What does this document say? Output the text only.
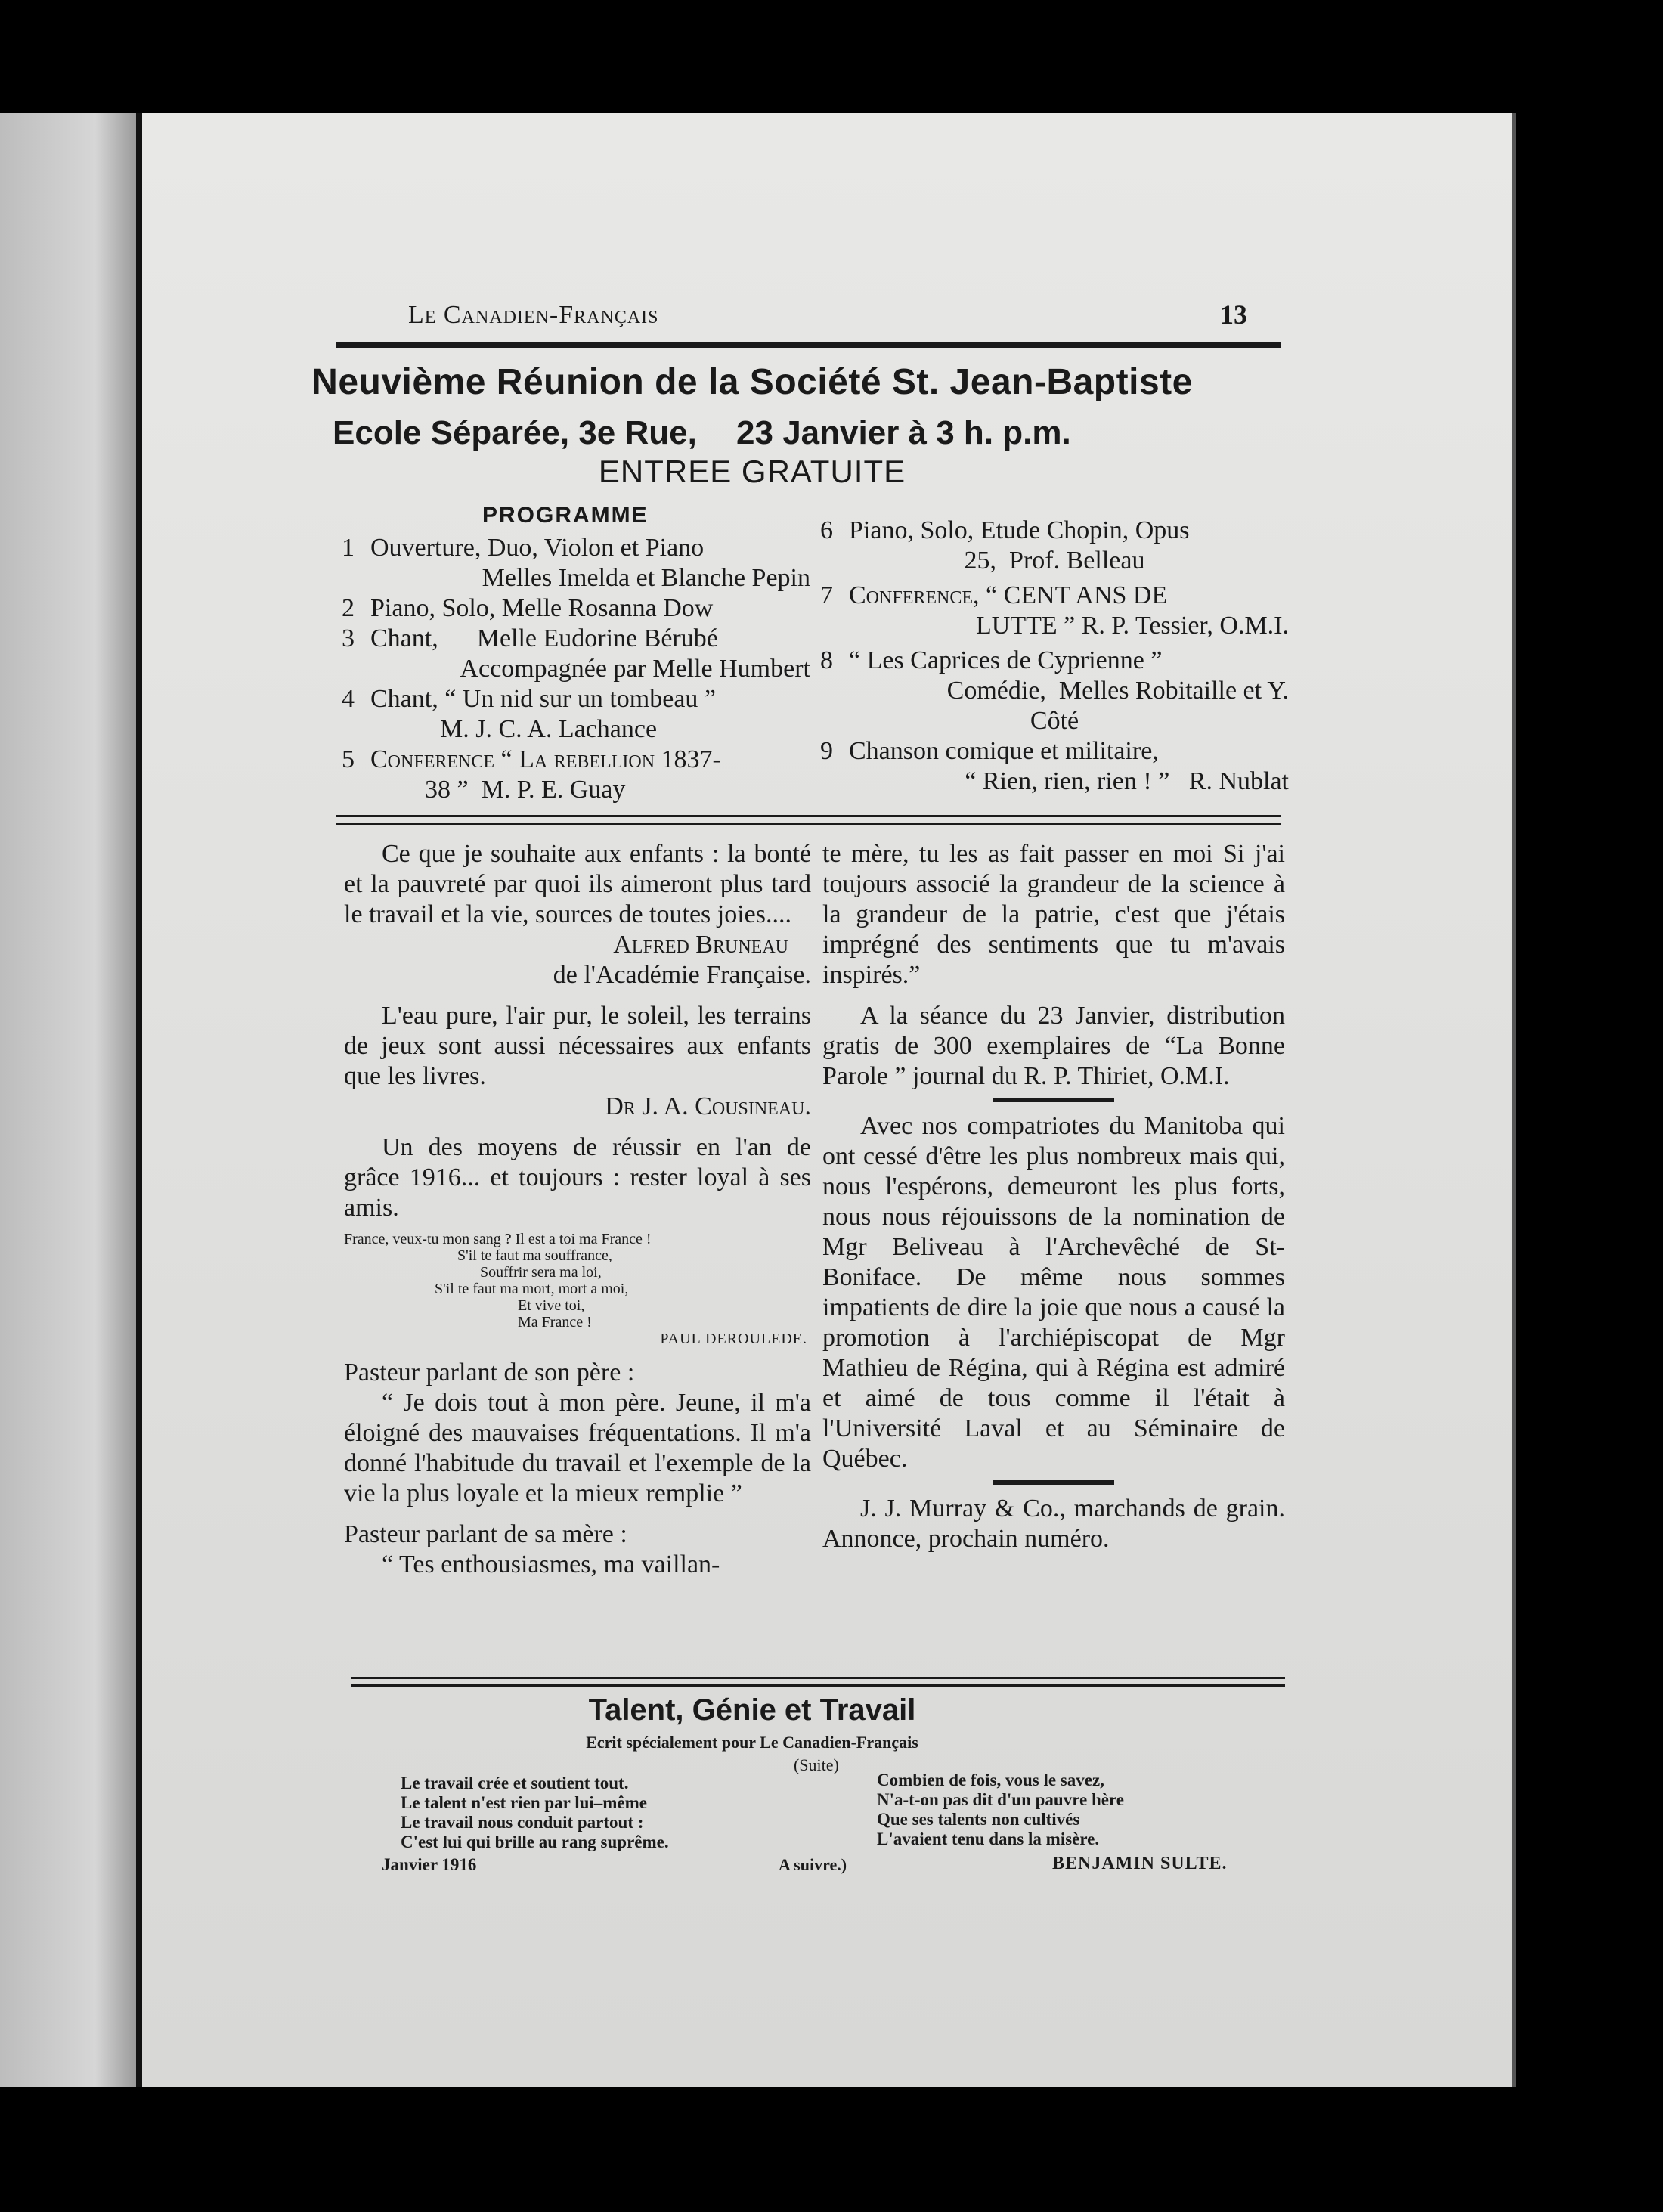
Le Canadien-Français	13
Neuvième Réunion de la Société St. Jean-Baptiste
Ecole Séparée, 3e Rue, 23 Janvier à 3 h. p.m.
ENTREE GRATUITE
PROGRAMME
1 Ouverture, Duo, Violon et Piano
Melles Imelda et Blanche Pepin
2 Piano, Solo, Melle Rosanna Dow
3 Chant,      Melle Eudorine Bérubé
Accompagnée par Melle Humbert
4 Chant, “ Un nid sur un tombeau ”
M. J. C. A. Lachance
5 Conference “ La rebellion 1837-
38 ”  M. P. E. Guay
6 Piano, Solo, Etude Chopin, Opus
25,  Prof. Belleau
7 Conference, “ CENT ANS DE
LUTTE ” R. P. Tessier, O.M.I.
8 “ Les Caprices de Cyprienne ”
Comédie,  Melles Robitaille et Y.
Côté
9 Chanson comique et militaire,
“ Rien, rien, rien ! ”   R. Nublat

Ce que je souhaite aux enfants : la bonté et la pauvreté par quoi ils aimeront plus tard le travail et la vie, sources de toutes joies....

Alfred Bruneau

de l'Académie Française.

L'eau pure, l'air pur, le soleil, les terrains de jeux sont aussi nécessaires aux enfants que les livres.

Dr J. A. Cousineau.

Un des moyens de réussir en l'an de grâce 1916... et toujours : rester loyal à ses amis.

France, veux-tu mon sang ? Il est a toi ma France !

S'il te faut ma souffrance,

Souffrir sera ma loi,

S'il te faut ma mort, mort a moi,

Et vive toi,

Ma France !

PAUL DEROULEDE.

Pasteur parlant de son père :

“ Je dois tout à mon père. Jeune, il m'a éloigné des mauvaises fréquentations. Il m'a donné l'habitude du travail et l'exemple de la vie la plus loyale et la mieux remplie ”

Pasteur parlant de sa mère :

“ Tes enthousiasmes, ma vaillan-

te mère, tu les as fait passer en moi Si j'ai toujours associé la grandeur de la science à la grandeur de la patrie, c'est que j'étais imprégné des sentiments que tu m'avais inspirés.”

A la séance du 23 Janvier, distribution gratis de 300 exemplaires de “La Bonne Parole ” journal du R. P. Thiriet, O.M.I.

Avec nos compatriotes du Manitoba qui ont cessé d'être les plus nombreux mais qui, nous l'espérons, demeuront les plus forts, nous nous réjouissons de la nomination de Mgr Beliveau à l'Archevêché de St-Boniface. De même nous sommes impatients de dire la joie que nous a causé la promotion à l'archiépiscopat de Mgr Mathieu de Régina, qui à Régina est admiré et aimé de tous comme il l'était à l'Université Laval et au Séminaire de Québec.

J. J. Murray & Co., marchands de grain. Annonce, prochain numéro.

Talent, Génie et Travail
Ecrit spécialement pour Le Canadien-Français
(Suite)

Le travail crée et soutient tout.

Le talent n'est rien par lui–même

Le travail nous conduit partout :

C'est lui qui brille au rang suprême.

Combien de fois, vous le savez,

N'a-t-on pas dit d'un pauvre hère

Que ses talents non cultivés

L'avaient tenu dans la misère.

Janvier 1916	A suivre.)	BENJAMIN SULTE.
